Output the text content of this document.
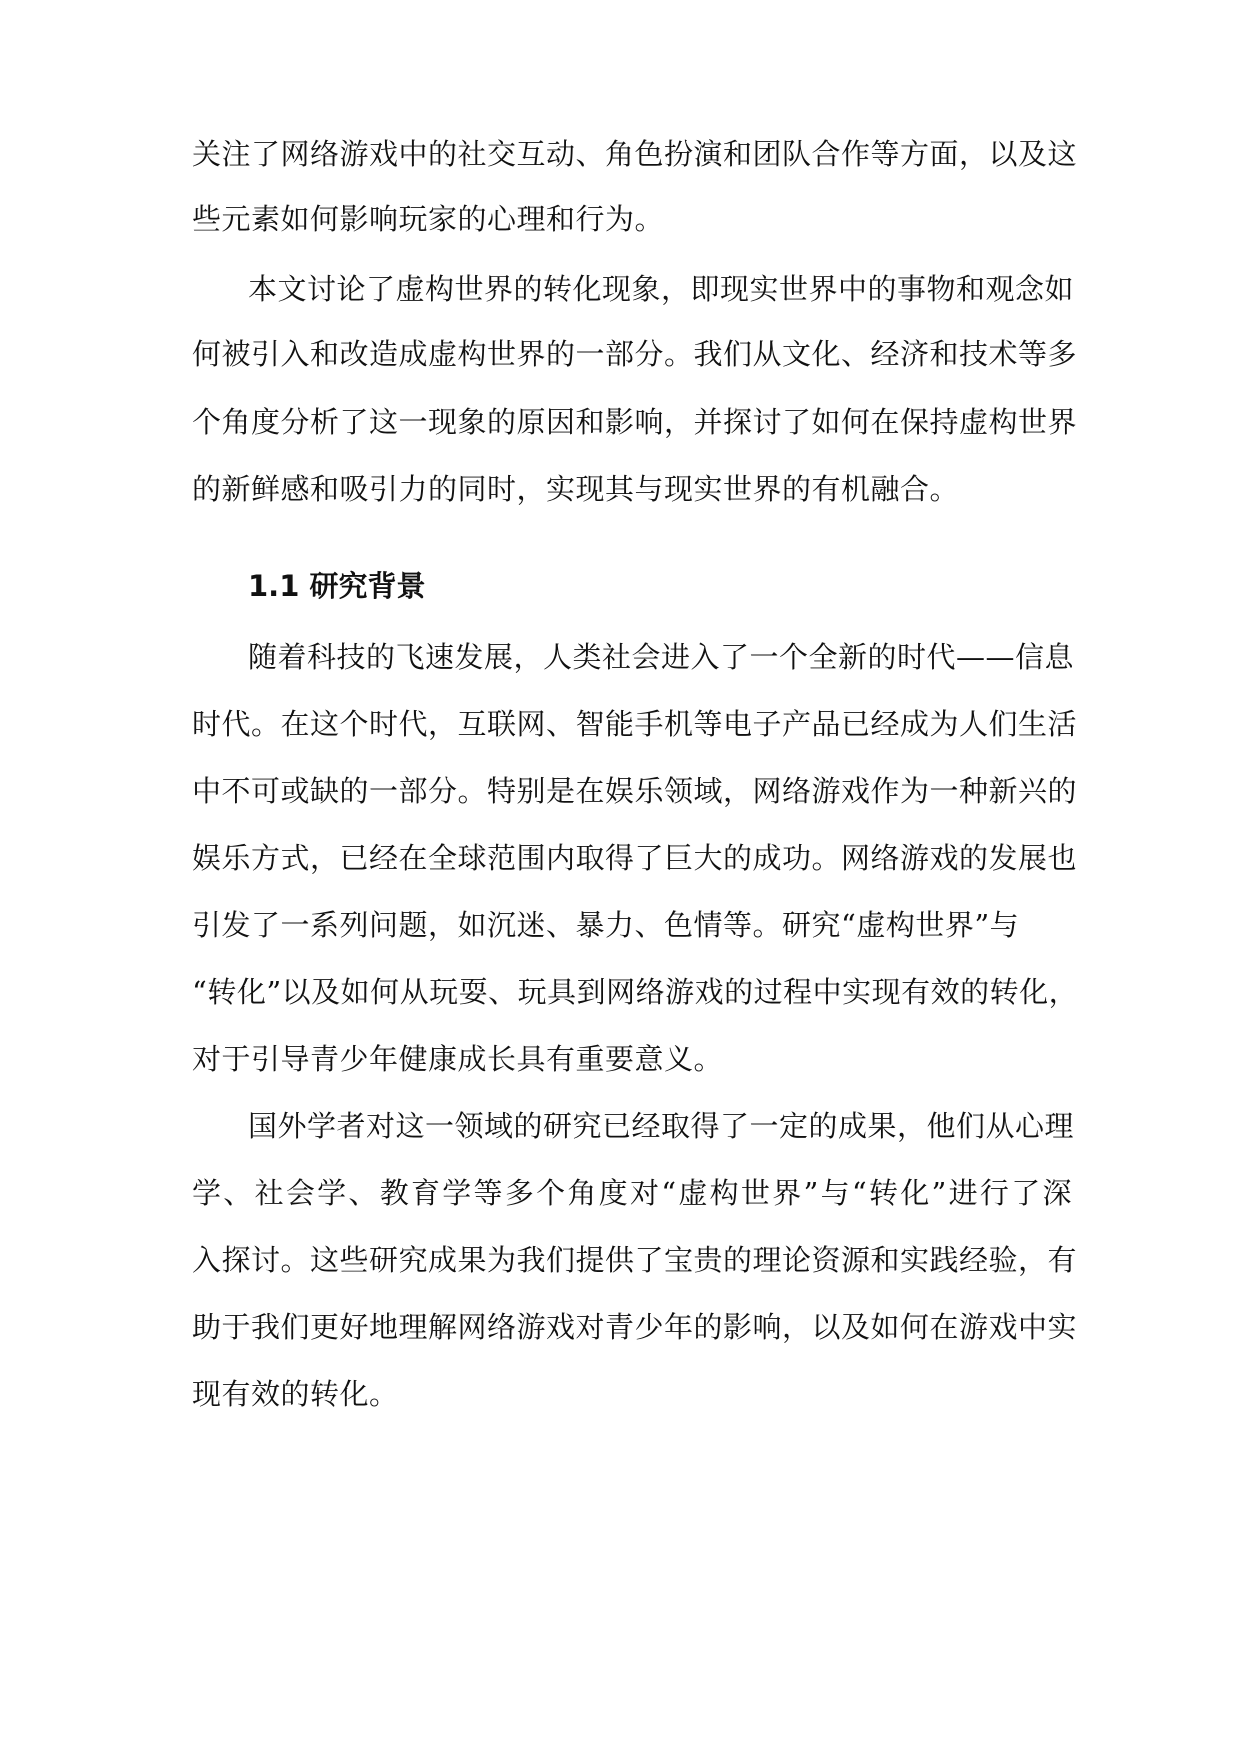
关注了网络游戏中的社交互动、角色扮演和团队合作等方面，以及这
些元素如何影响玩家的心理和行为。
本文讨论了虚构世界的转化现象，即现实世界中的事物和观念如
何被引入和改造成虚构世界的一部分。我们从文化、经济和技术等多
个角度分析了这一现象的原因和影响，并探讨了如何在保持虚构世界
的新鲜感和吸引力的同时，实现其与现实世界的有机融合。
1.1 研究背景
随着科技的飞速发展，人类社会进入了一个全新的时代——信息
时代。在这个时代，互联网、智能手机等电子产品已经成为人们生活
中不可或缺的一部分。特别是在娱乐领域，网络游戏作为一种新兴的
娱乐方式，已经在全球范围内取得了巨大的成功。网络游戏的发展也
引发了一系列问题，如沉迷、暴力、色情等。研究“虚构世界”与
“转化”以及如何从玩耍、玩具到网络游戏的过程中实现有效的转化，
对于引导青少年健康成长具有重要意义。
国外学者对这一领域的研究已经取得了一定的成果，他们从心理
学、社会学、教育学等多个角度对“虚构世界”与“转化”进行了深
入探讨。这些研究成果为我们提供了宝贵的理论资源和实践经验，有
助于我们更好地理解网络游戏对青少年的影响，以及如何在游戏中实
现有效的转化。
